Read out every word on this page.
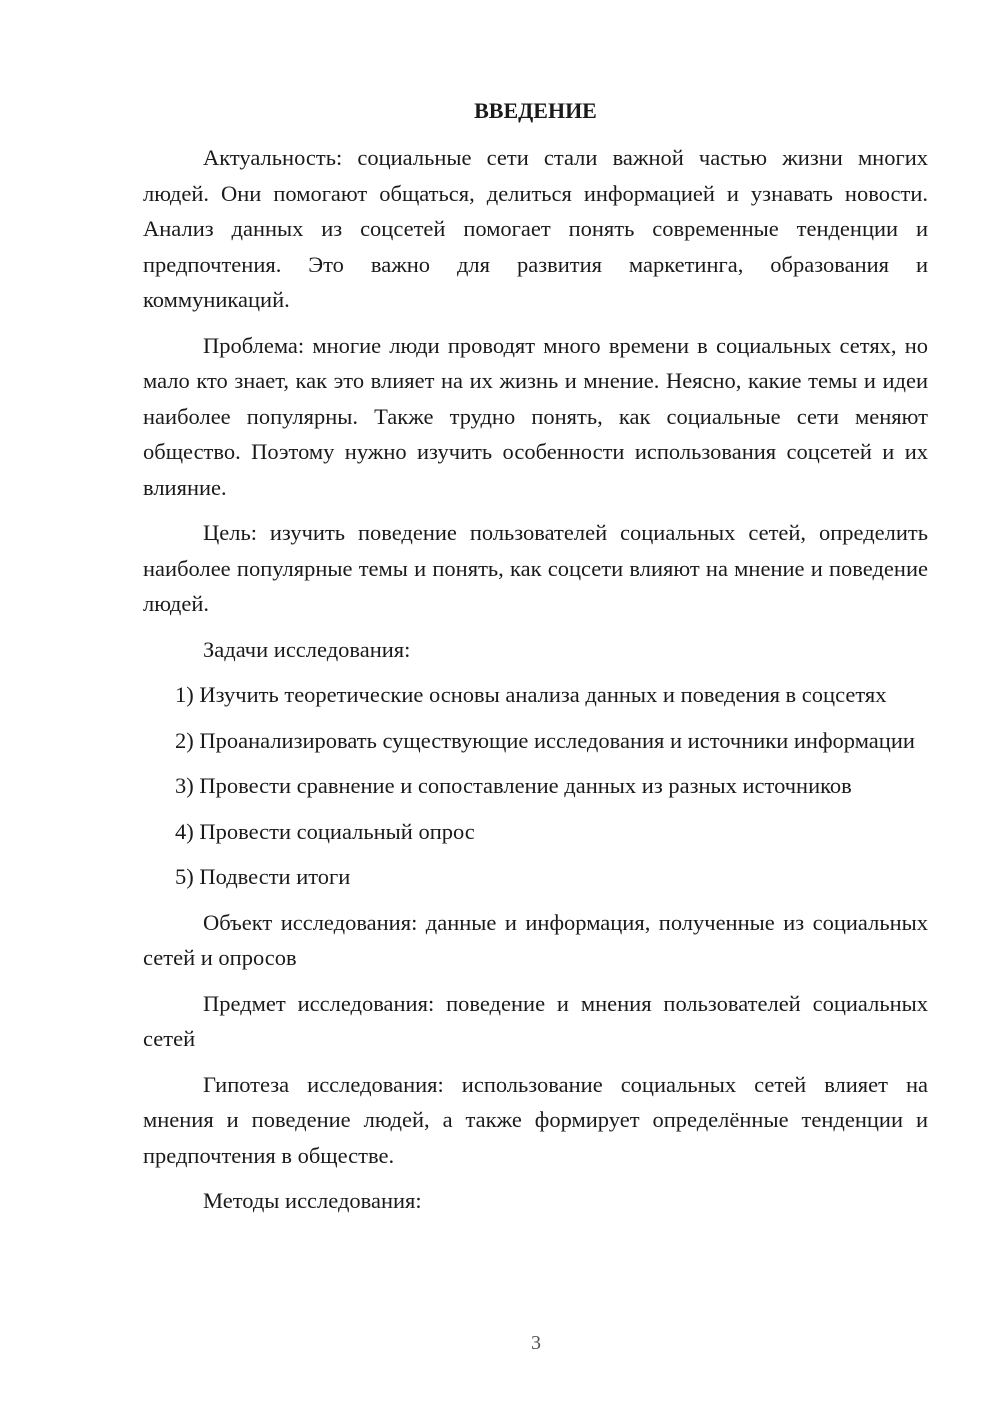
ВВЕДЕНИЕ

Актуальность: социальные сети стали важной частью жизни многих людей. Они помогают общаться, делиться информацией и узнавать новости. Анализ данных из соцсетей помогает понять современные тенденции и предпочтения. Это важно для развития маркетинга, образования и коммуникаций.

Проблема: многие люди проводят много времени в социальных сетях, но мало кто знает, как это влияет на их жизнь и мнение. Неясно, какие темы и идеи наиболее популярны. Также трудно понять, как социальные сети меняют общество. Поэтому нужно изучить особенности использования соцсетей и их влияние.

Цель: изучить поведение пользователей социальных сетей, определить наиболее популярные темы и понять, как соцсети влияют на мнение и поведение людей.

Задачи исследования:

1) Изучить теоретические основы анализа данных и поведения в соцсетях

2) Проанализировать существующие исследования и источники информации

3) Провести сравнение и сопоставление данных из разных источников

4) Провести социальный опрос

5) Подвести итоги

Объект исследования: данные и информация, полученные из социальных сетей и опросов

Предмет исследования: поведение и мнения пользователей социальных сетей

Гипотеза исследования: использование социальных сетей влияет на мнения и поведение людей, а также формирует определённые тенденции и предпочтения в обществе.

Методы исследования:

3
